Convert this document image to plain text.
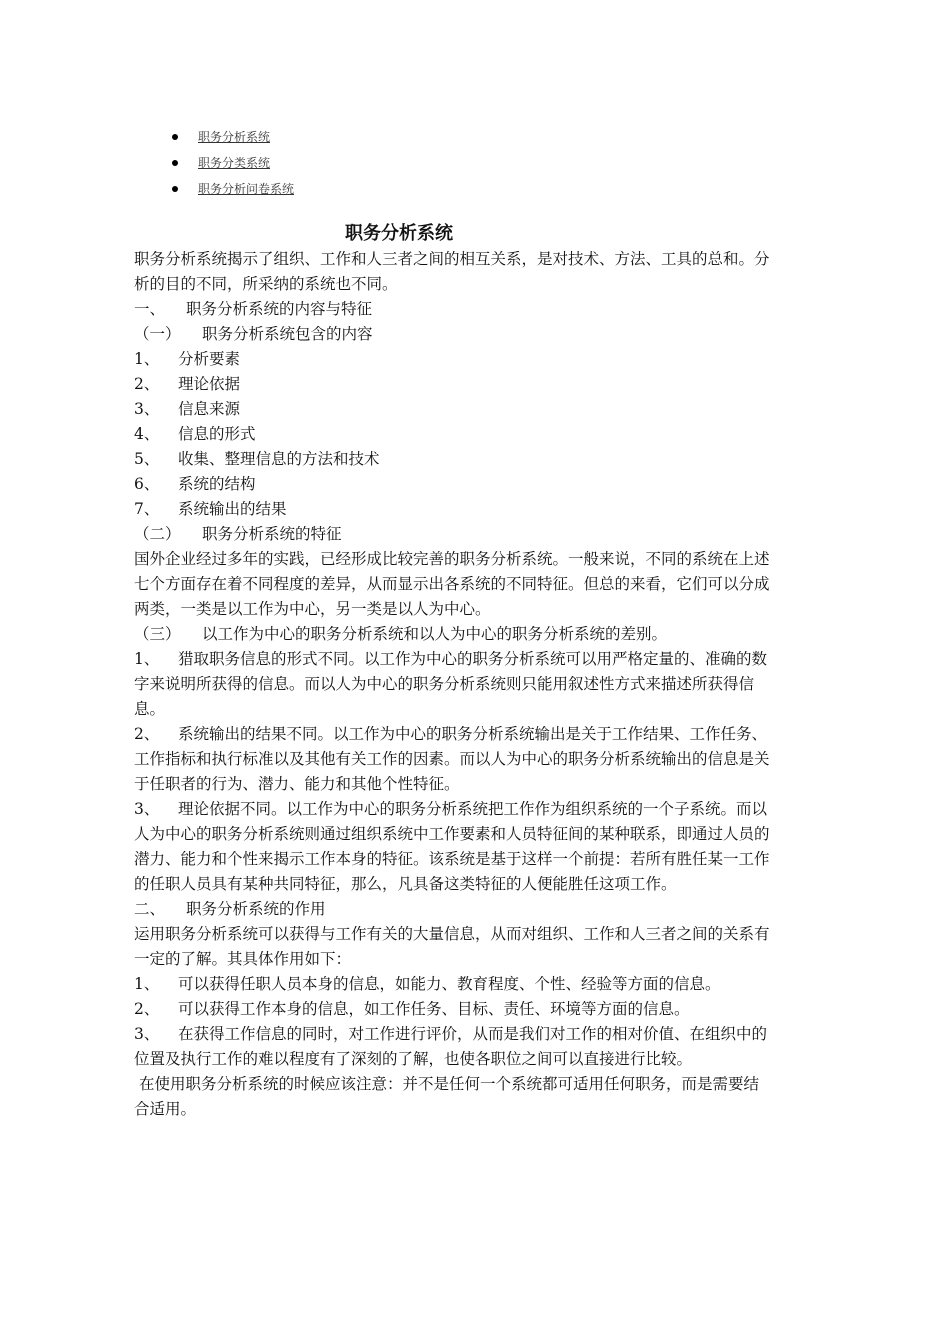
职务分析系统
职务分类系统
职务分析问卷系统
职务分析系统

职务分析系统揭示了组织、工作和人三者之间的相互关系，是对技术、方法、工具的总和。分析的目的不同，所采纳的系统也不同。

一、 职务分析系统的内容与特征

（一） 职务分析系统包含的内容

1、 分析要素

2、 理论依据

3、 信息来源

4、 信息的形式

5、 收集、整理信息的方法和技术

6、 系统的结构

7、 系统输出的结果

（二） 职务分析系统的特征

国外企业经过多年的实践，已经形成比较完善的职务分析系统。一般来说，不同的系统在上述七个方面存在着不同程度的差异，从而显示出各系统的不同特征。但总的来看，它们可以分成两类，一类是以工作为中心，另一类是以人为中心。

（三） 以工作为中心的职务分析系统和以人为中心的职务分析系统的差别。

1、 猎取职务信息的形式不同。以工作为中心的职务分析系统可以用严格定量的、准确的数字来说明所获得的信息。而以人为中心的职务分析系统则只能用叙述性方式来描述所获得信息。

2、 系统输出的结果不同。以工作为中心的职务分析系统输出是关于工作结果、工作任务、工作指标和执行标准以及其他有关工作的因素。而以人为中心的职务分析系统输出的信息是关于任职者的行为、潜力、能力和其他个性特征。

3、 理论依据不同。以工作为中心的职务分析系统把工作作为组织系统的一个子系统。而以人为中心的职务分析系统则通过组织系统中工作要素和人员特征间的某种联系，即通过人员的潜力、能力和个性来揭示工作本身的特征。该系统是基于这样一个前提：若所有胜任某一工作的任职人员具有某种共同特征，那么，凡具备这类特征的人便能胜任这项工作。

二、 职务分析系统的作用

运用职务分析系统可以获得与工作有关的大量信息，从而对组织、工作和人三者之间的关系有一定的了解。其具体作用如下：

1、 可以获得任职人员本身的信息，如能力、教育程度、个性、经验等方面的信息。

2、 可以获得工作本身的信息，如工作任务、目标、责任、环境等方面的信息。

3、 在获得工作信息的同时，对工作进行评价，从而是我们对工作的相对价值、在组织中的位置及执行工作的难以程度有了深刻的了解，也使各职位之间可以直接进行比较。

在使用职务分析系统的时候应该注意：并不是任何一个系统都可适用任何职务，而是需要结合适用。
